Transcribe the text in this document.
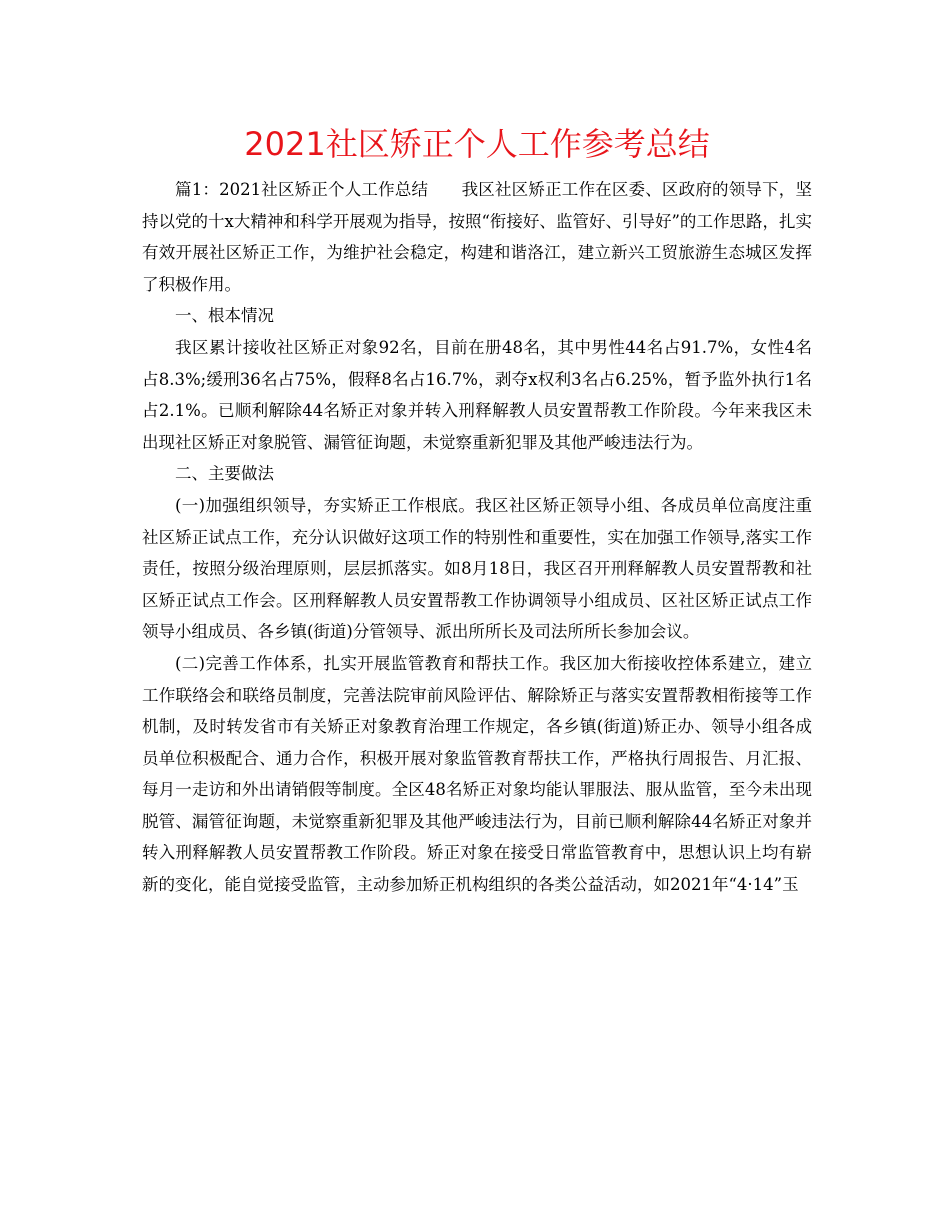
2021社区矫正个人工作参考总结

篇1：2021社区矫正个人工作总结　　我区社区矫正工作在区委、区政府的领导下，坚持以党的十x大精神和科学开展观为指导，按照“衔接好、监管好、引导好”的工作思路，扎实有效开展社区矫正工作，为维护社会稳定，构建和谐洛江，建立新兴工贸旅游生态城区发挥了积极作用。

一、根本情况

我区累计接收社区矫正对象92名，目前在册48名，其中男性44名占91.7%，女性4名占8.3%;缓刑36名占75%，假释8名占16.7%，剥夺x权利3名占6.25%，暂予监外执行1名占2.1%。已顺利解除44名矫正对象并转入刑释解教人员安置帮教工作阶段。今年来我区未出现社区矫正对象脱管、漏管征询题，未觉察重新犯罪及其他严峻违法行为。

二、主要做法

(一)加强组织领导，夯实矫正工作根底。我区社区矫正领导小组、各成员单位高度注重社区矫正试点工作，充分认识做好这项工作的特别性和重要性，实在加强工作领导,落实工作责任，按照分级治理原则，层层抓落实。如8月18日，我区召开刑释解教人员安置帮教和社区矫正试点工作会。区刑释解教人员安置帮教工作协调领导小组成员、区社区矫正试点工作领导小组成员、各乡镇(街道)分管领导、派出所所长及司法所所长参加会议。

(二)完善工作体系，扎实开展监管教育和帮扶工作。我区加大衔接收控体系建立，建立工作联络会和联络员制度，完善法院审前风险评估、解除矫正与落实安置帮教相衔接等工作机制，及时转发省市有关矫正对象教育治理工作规定，各乡镇(街道)矫正办、领导小组各成员单位积极配合、通力合作，积极开展对象监管教育帮扶工作，严格执行周报告、月汇报、每月一走访和外出请销假等制度。全区48名矫正对象均能认罪服法、服从监管，至今未出现脱管、漏管征询题，未觉察重新犯罪及其他严峻违法行为，目前已顺利解除44名矫正对象并转入刑释解教人员安置帮教工作阶段。矫正对象在接受日常监管教育中，思想认识上均有崭新的变化，能自觉接受监管，主动参加矫正机构组织的各类公益活动，如2021年“4·14”玉
